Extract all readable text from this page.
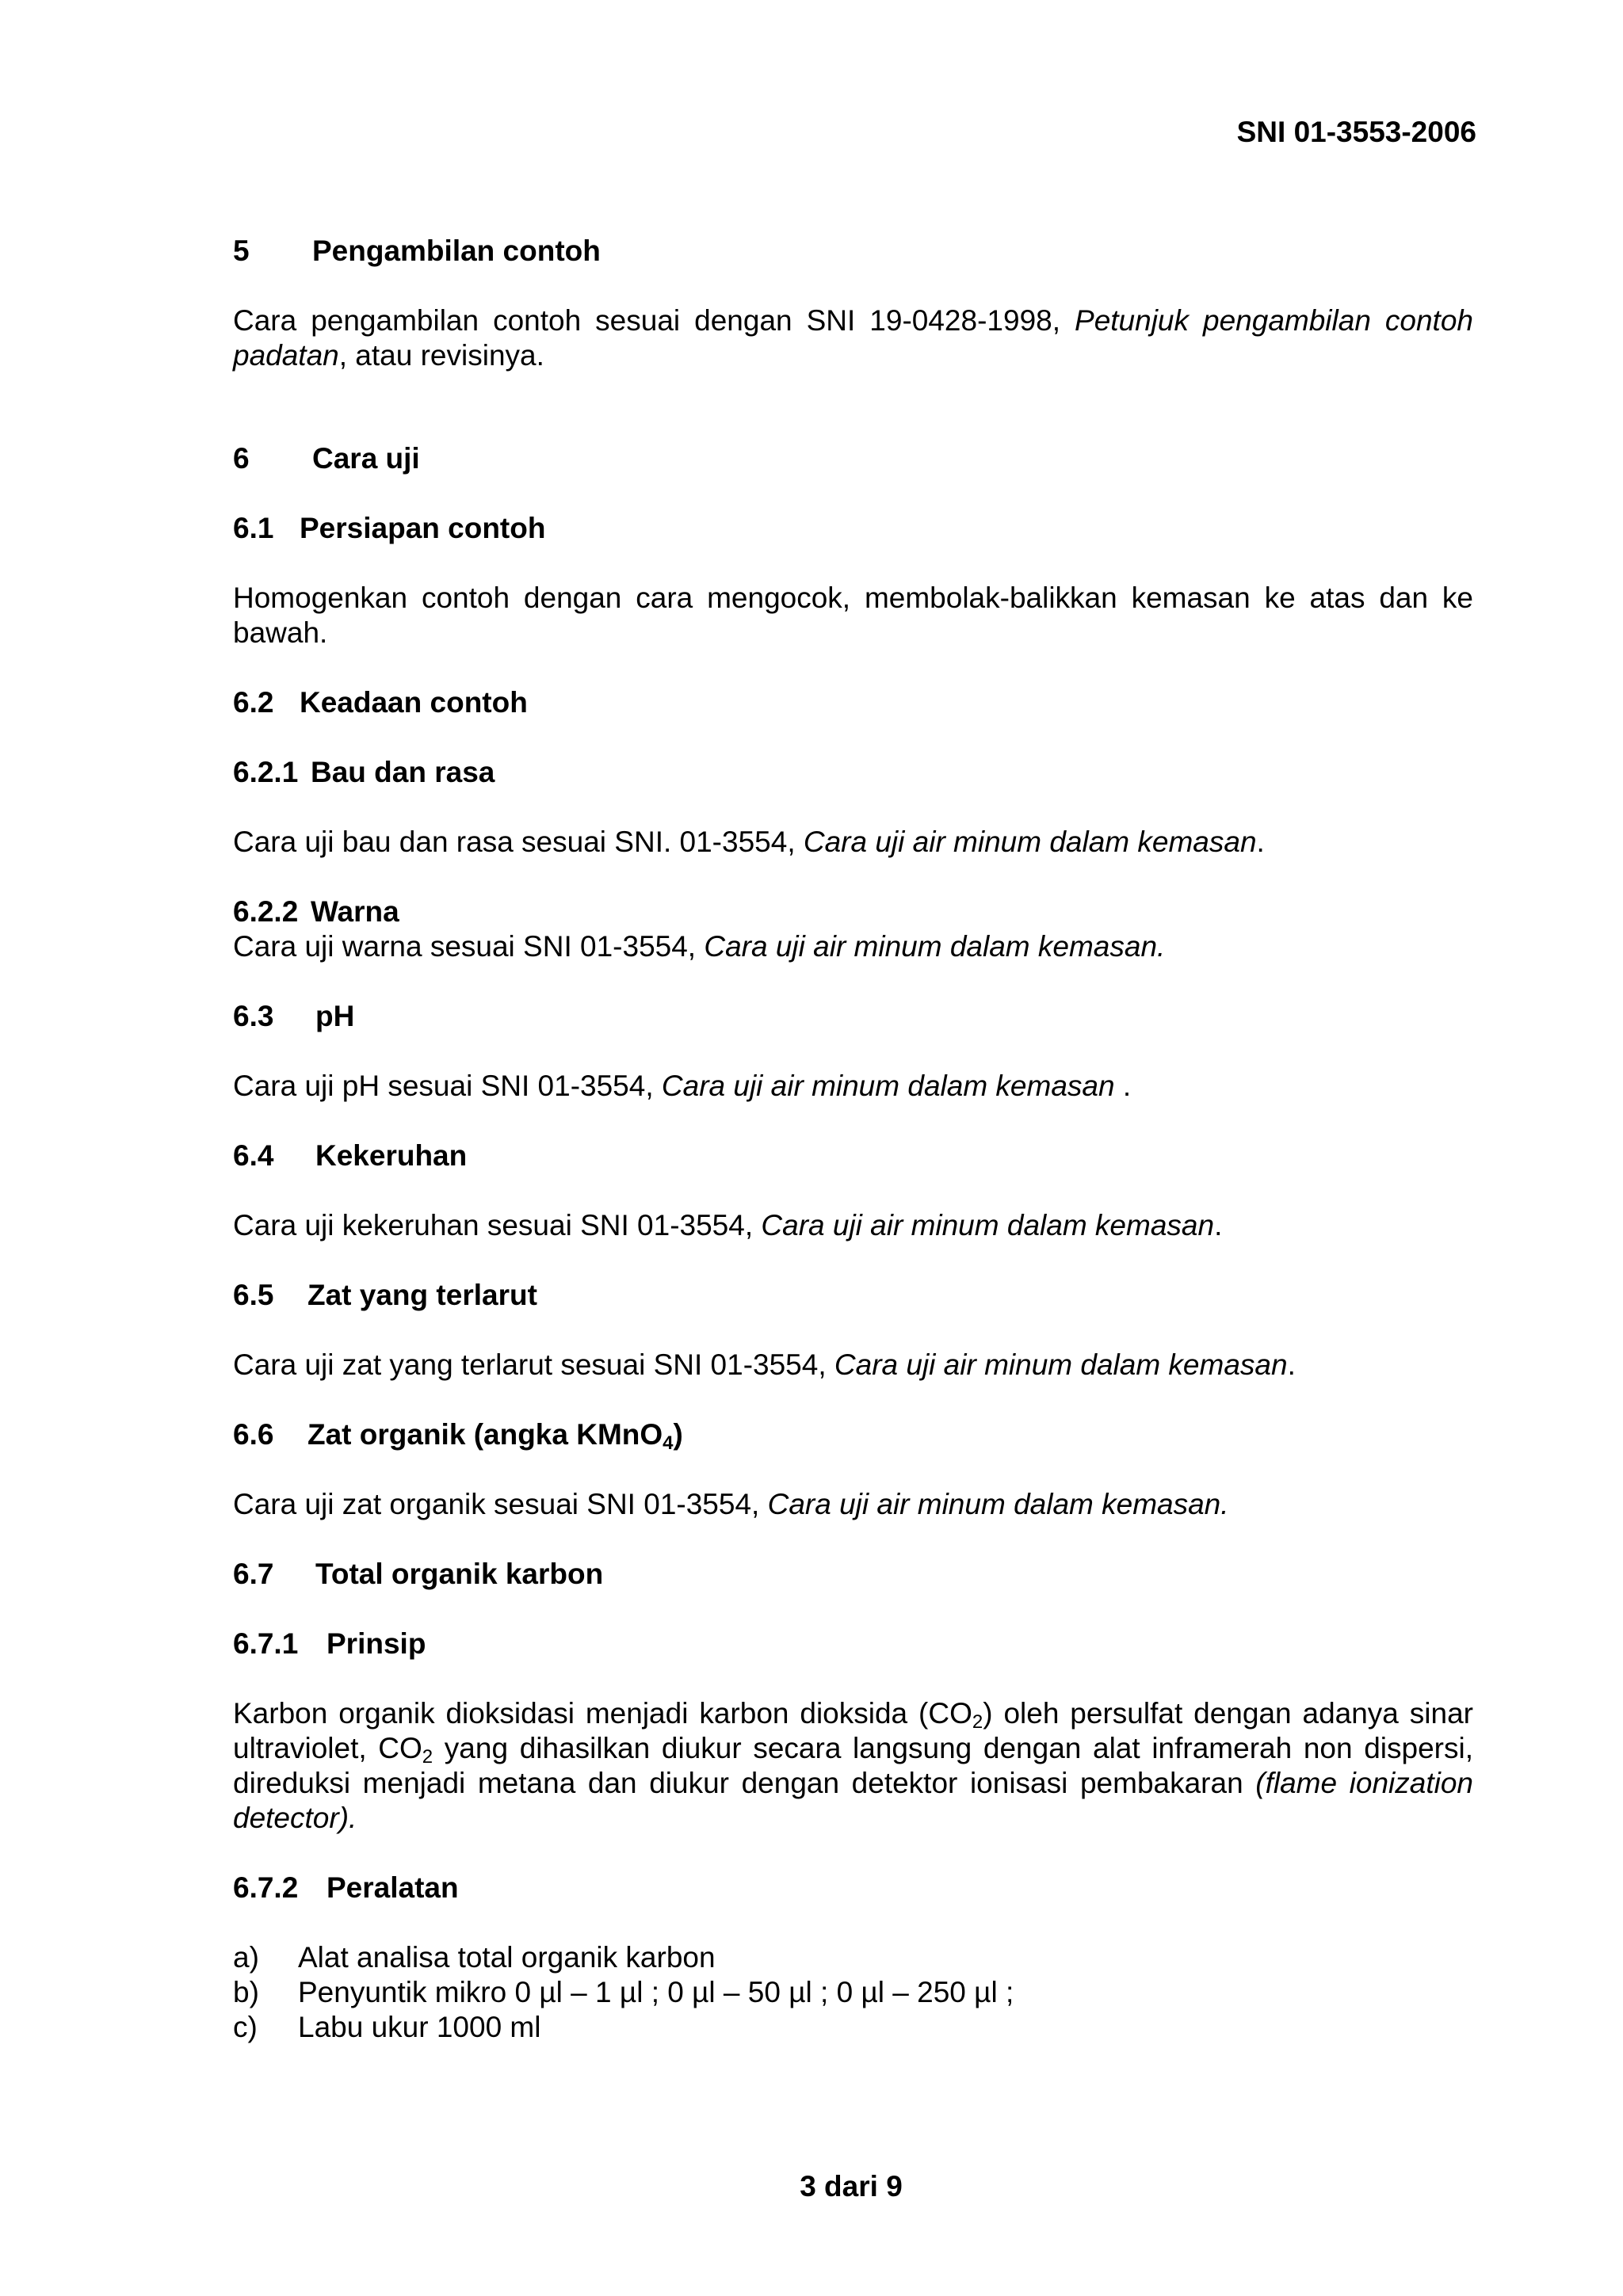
SNI 01-3553-2006
5 Pengambilan contoh
Cara pengambilan contoh sesuai dengan SNI 19-0428-1998, Petunjuk pengambilan contoh padatan, atau revisinya.
6 Cara uji
6.1 Persiapan contoh
Homogenkan contoh dengan cara mengocok, membolak-balikkan kemasan ke atas dan ke bawah.
6.2 Keadaan contoh
6.2.1 Bau dan rasa
Cara uji bau dan rasa sesuai SNI. 01-3554, Cara uji air minum dalam kemasan.
6.2.2 Warna
Cara uji warna sesuai SNI 01-3554, Cara uji air minum dalam kemasan.
6.3 pH
Cara uji pH sesuai SNI 01-3554, Cara uji air minum dalam kemasan .
6.4 Kekeruhan
Cara uji kekeruhan sesuai SNI 01-3554, Cara uji air minum dalam kemasan.
6.5 Zat yang terlarut
Cara uji zat yang terlarut sesuai SNI 01-3554, Cara uji air minum dalam kemasan.
6.6 Zat organik (angka KMnO$_4$)
Cara uji zat organik sesuai SNI 01-3554, Cara uji air minum dalam kemasan.
6.7 Total organik karbon
6.7.1 Prinsip
Karbon organik dioksidasi menjadi karbon dioksida $(CO_2)$ oleh persulfat dengan adanya sinar ultraviolet, $CO_2$ yang dihasilkan diukur secara langsung dengan alat inframerah non dispersi, direduksi menjadi metana dan diukur dengan detektor ionisasi pembakaran (flame ionization detector).
6.7.2 Peralatan
a) Alat analisa total organik karbon
b) Penyuntik mikro 0 µl – 1 µl ; 0 µl – 50 µl ; 0 µl – 250 µl ;
c) Labu ukur 1000 ml
3 dari 9
